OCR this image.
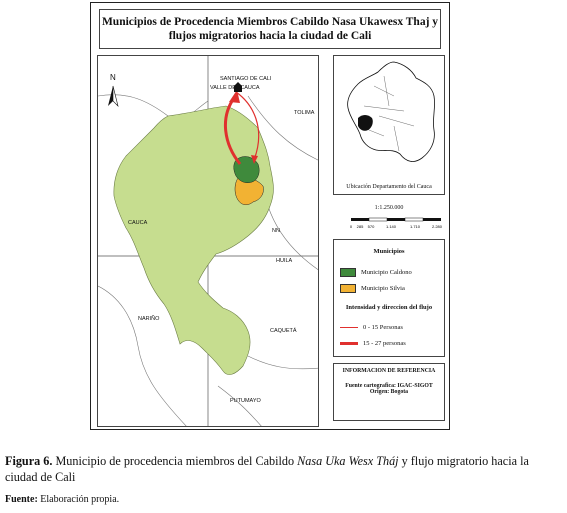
Municipios de Procedencia Miembros Cabildo Nasa Ukawesx Thaj y
flujos migratorios hacia la ciudad de Cali
N	SANTIAGO DE CALI
VALLE DEL CAUCA
TOLIMA
CAUCA
NN
HUILA
NARIÑO
CAQUETÁ
PUTUMAYO
Ubicación Departamento del Cauca
1:1.250.000
0 285 570	1.140	1.710	2.280
Municipios
Municipio Caldono
Municipio Silvia
Intensidad y direccion del flujo
0 - 15 Personas
15 - 27 personas
INFORMACION DE REFERENCIA
Fuente cartografica: IGAC-SIGOT
Origen: Bogota
Figura 6. Municipio de procedencia miembros del Cabildo Nasa Uka Wesx Tháj y flujo migratorio hacia la ciudad de Cali
Fuente: Elaboración propia.
